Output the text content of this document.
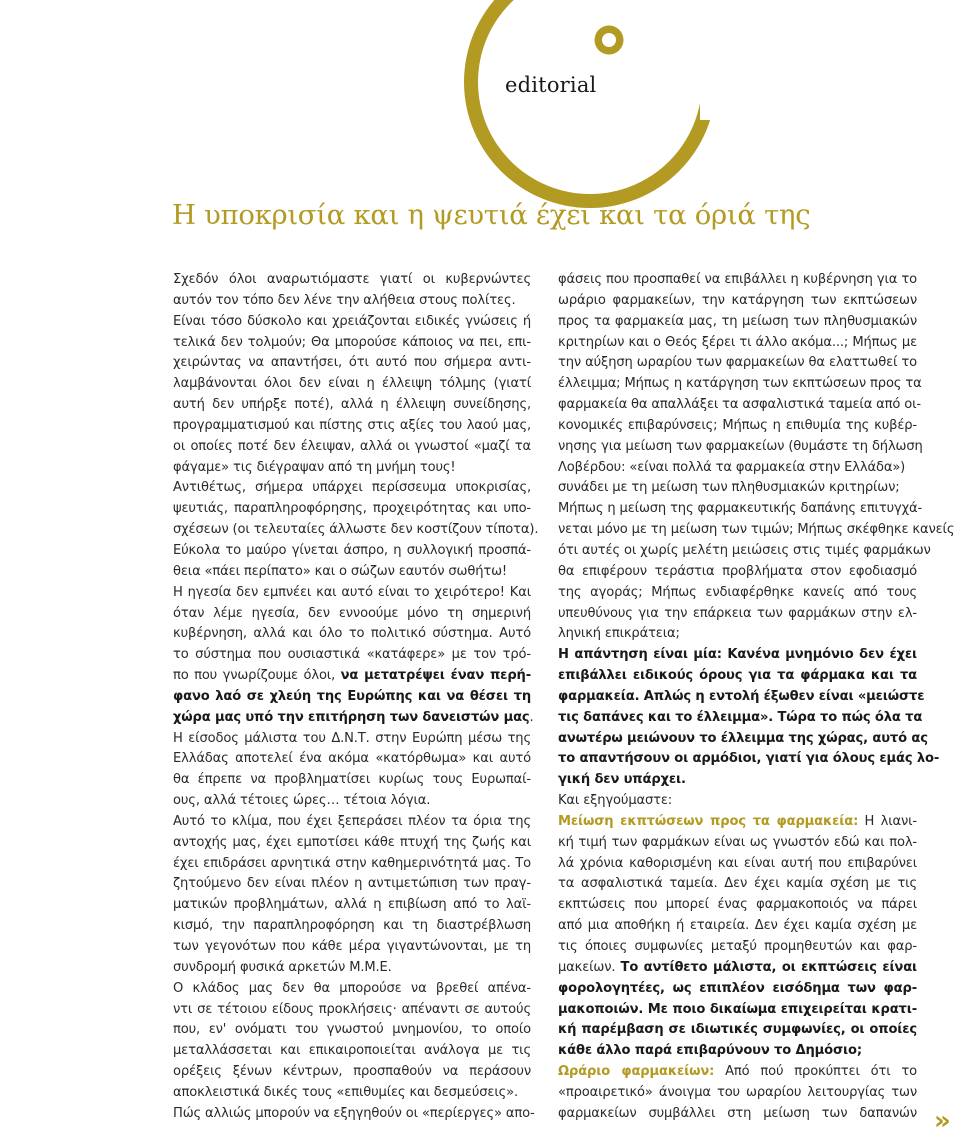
editorial
Η υποκρισία και η ψευτιά έχει και τα όριά της
Σχεδόν όλοι αναρωτιόμαστε γιατί οι κυβερνώντες
αυτόν τον τόπο δεν λένε την αλήθεια στους πολίτες.
Είναι τόσο δύσκολο και χρειάζονται ειδικές γνώσεις ή
τελικά δεν τολμούν; Θα μπορούσε κάποιος να πει, επι-
χειρώντας να απαντήσει, ότι αυτό που σήμερα αντι-
λαμβάνονται όλοι δεν είναι η έλλειψη τόλμης (γιατί
αυτή δεν υπήρξε ποτέ), αλλά η έλλειψη συνείδησης,
προγραμματισμού και πίστης στις αξίες του λαού μας,
οι οποίες ποτέ δεν έλειψαν, αλλά οι γνωστοί «μαζί τα
φάγαμε» τις διέγραψαν από τη μνήμη τους!
Αντιθέτως, σήμερα υπάρχει περίσσευμα υποκρισίας,
ψευτιάς, παραπληροφόρησης, προχειρότητας και υπο-
σχέσεων (οι τελευταίες άλλωστε δεν κοστίζουν τίποτα).
Εύκολα το μαύρο γίνεται άσπρο, η συλλογική προσπά-
θεια «πάει περίπατο» και ο σώζων εαυτόν σωθήτω!
Η ηγεσία δεν εμπνέει και αυτό είναι το χειρότερο! Και
όταν λέμε ηγεσία, δεν εννοούμε μόνο τη σημερινή
κυβέρνηση, αλλά και όλο το πολιτικό σύστημα. Αυτό
το σύστημα που ουσιαστικά «κατάφερε» με τον τρό-
πο που γνωρίζουμε όλοι, να μετατρέψει έναν περή-
φανο λαό σε χλεύη της Ευρώπης και να θέσει τη
χώρα μας υπό την επιτήρηση των δανειστών μας.
Η είσοδος μάλιστα του Δ.Ν.Τ. στην Ευρώπη μέσω της
Ελλάδας αποτελεί ένα ακόμα «κατόρθωμα» και αυτό
θα έπρεπε να προβληματίσει κυρίως τους Ευρωπαί-
ους, αλλά τέτοιες ώρες… τέτοια λόγια.
Αυτό το κλίμα, που έχει ξεπεράσει πλέον τα όρια της
αντοχής μας, έχει εμποτίσει κάθε πτυχή της ζωής και
έχει επιδράσει αρνητικά στην καθημερινότητά μας. Το
ζητούμενο δεν είναι πλέον η αντιμετώπιση των πραγ-
ματικών προβλημάτων, αλλά η επιβίωση από το λαϊ-
κισμό, την παραπληροφόρηση και τη διαστρέβλωση
των γεγονότων που κάθε μέρα γιγαντώνονται, με τη
συνδρομή φυσικά αρκετών Μ.Μ.Ε.
Ο κλάδος μας δεν θα μπορούσε να βρεθεί απένα-
ντι σε τέτοιου είδους προκλήσεις· απέναντι σε αυτούς
που, εν' ονόματι του γνωστού μνημονίου, το οποίο
μεταλλάσσεται και επικαιροποιείται ανάλογα με τις
ορέξεις ξένων κέντρων, προσπαθούν να περάσουν
αποκλειστικά δικές τους «επιθυμίες και δεσμεύσεις».
Πώς αλλιώς μπορούν να εξηγηθούν οι «περίεργες» απο-
φάσεις που προσπαθεί να επιβάλλει η κυβέρνηση για το
ωράριο φαρμακείων, την κατάργηση των εκπτώσεων
προς τα φαρμακεία μας, τη μείωση των πληθυσμιακών
κριτηρίων και ο Θεός ξέρει τι άλλο ακόμα...; Μήπως με
την αύξηση ωραρίου των φαρμακείων θα ελαττωθεί το
έλλειμμα; Μήπως η κατάργηση των εκπτώσεων προς τα
φαρμακεία θα απαλλάξει τα ασφαλιστικά ταμεία από οι-
κονομικές επιβαρύνσεις; Μήπως η επιθυμία της κυβέρ-
νησης για μείωση των φαρμακείων (θυμάστε τη δήλωση
Λοβέρδου: «είναι πολλά τα φαρμακεία στην Ελλάδα»)
συνάδει με τη μείωση των πληθυσμιακών κριτηρίων;
Μήπως η μείωση της φαρμακευτικής δαπάνης επιτυγχά-
νεται μόνο με τη μείωση των τιμών; Μήπως σκέφθηκε κανείς
ότι αυτές οι χωρίς μελέτη μειώσεις στις τιμές φαρμάκων
θα επιφέρουν τεράστια προβλήματα στον εφοδιασμό
της αγοράς; Μήπως ενδιαφέρθηκε κανείς από τους
υπευθύνους για την επάρκεια των φαρμάκων στην ελ-
ληνική επικράτεια;
Η απάντηση είναι μία: Κανένα μνημόνιο δεν έχει
επιβάλλει ειδικούς όρους για τα φάρμακα και τα
φαρμακεία. Απλώς η εντολή έξωθεν είναι «μειώστε
τις δαπάνες και το έλλειμμα». Τώρα το πώς όλα τα
ανωτέρω μειώνουν το έλλειμμα της χώρας, αυτό ας
το απαντήσουν οι αρμόδιοι, γιατί για όλους εμάς λο-
γική δεν υπάρχει.
Και εξηγούμαστε:
Μείωση εκπτώσεων προς τα φαρμακεία: Η λιανι-
κή τιμή των φαρμάκων είναι ως γνωστόν εδώ και πολ-
λά χρόνια καθορισμένη και είναι αυτή που επιβαρύνει
τα ασφαλιστικά ταμεία. Δεν έχει καμία σχέση με τις
εκπτώσεις που μπορεί ένας φαρμακοποιός να πάρει
από μια αποθήκη ή εταιρεία. Δεν έχει καμία σχέση με
τις όποιες συμφωνίες μεταξύ προμηθευτών και φαρ-
μακείων. Το αντίθετο μάλιστα, οι εκπτώσεις είναι
φορολογητέες, ως επιπλέον εισόδημα των φαρ-
μακοποιών. Με ποιο δικαίωμα επιχειρείται κρατι-
κή παρέμβαση σε ιδιωτικές συμφωνίες, οι οποίες
κάθε άλλο παρά επιβαρύνουν το Δημόσιο;
Ωράριο φαρμακείων: Από πού προκύπτει ότι το
«προαιρετικό» άνοιγμα του ωραρίου λειτουργίας των
φαρμακείων συμβάλλει στη μείωση των δαπανών »
